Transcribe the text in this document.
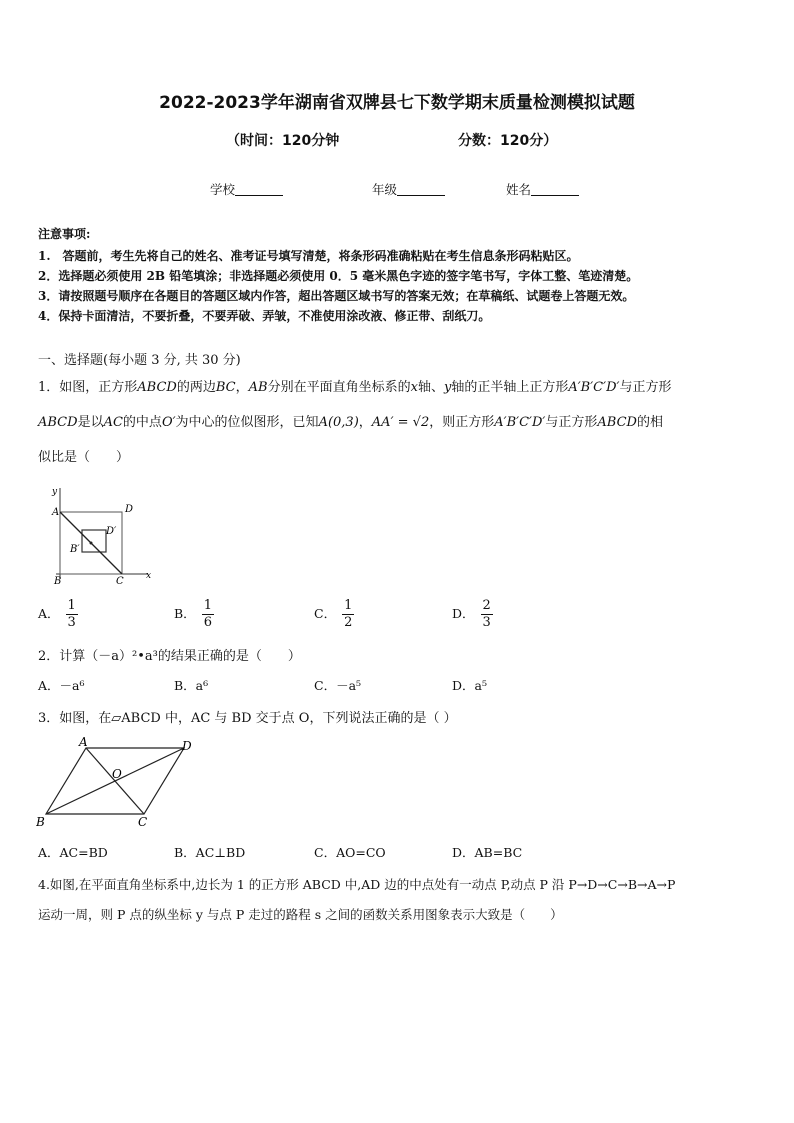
2022-2023学年湖南省双牌县七下数学期末质量检测模拟试题
（时间：120分钟	分数：120分）
学校	年级	姓名
注意事项:
1.　答题前，考生先将自己的姓名、准考证号填写清楚，将条形码准确粘贴在考生信息条形码粘贴区。
2．选择题必须使用 2B 铅笔填涂；非选择题必须使用 0．5 毫米黑色字迹的签字笔书写，字体工整、笔迹清楚。
3．请按照题号顺序在各题目的答题区域内作答，超出答题区域书写的答案无效；在草稿纸、试题卷上答题无效。
4．保持卡面清洁，不要折叠，不要弄破、弄皱，不准使用涂改液、修正带、刮纸刀。
一、选择题(每小题 3 分, 共 30 分)
1．如图，正方形ABCD的两边BC，AB分别在平面直角坐标系的x轴、y轴的正半轴上正方形A′B′C′D′与正方形
ABCD是以AC的中点O′为中心的位似图形，已知A(0,3)，AA′ = √2，则正方形A′B′C′D′与正方形ABCD的相
似比是（　　）
y
A	D
D′
B′
B	C x
A． $\frac{1}{3}$	B． $\frac{1}{6}$	C． $\frac{1}{2}$	D． $\frac{2}{3}$
2．计算（－a）²•a³的结果正确的是（　　）
A．－a⁶	B．a⁶	C．－a⁵	D．a⁵
3．如图，在▱ABCD 中，AC 与 BD 交于点 O，下列说法正确的是（ ）
A	D
O
B	C
A．AC=BD	B．AC⊥BD	C．AO=CO	D．AB=BC
4.如图,在平面直角坐标系中,边长为 1 的正方形 ABCD 中,AD 边的中点处有一动点 P,动点 P 沿 P→D→C→B→A→P
运动一周，则 P 点的纵坐标 y 与点 P 走过的路程 s 之间的函数关系用图象表示大致是（　　）
